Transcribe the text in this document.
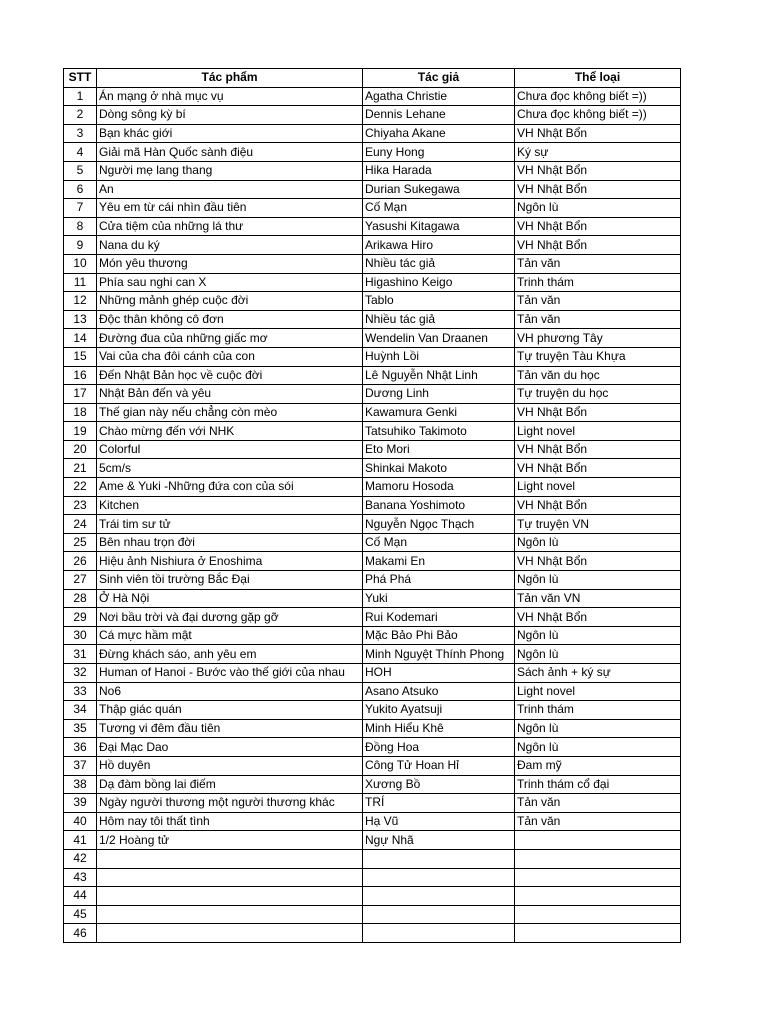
STT	Tác phẩm	Tác giả	Thể loại
1	Án mạng ở nhà mục vụ	Agatha Christie	Chưa đọc không biết =))
2	Dòng sông kỳ bí	Dennis Lehane	Chưa đọc không biết =))
3	Bạn khác giới	Chiyaha Akane	VH Nhật Bổn
4	Giải mã Hàn Quốc sành điệu	Euny Hong	Ký sự
5	Người mẹ lang thang	Hika Harada	VH Nhật Bổn
6	An	Durian Sukegawa	VH Nhật Bổn
7	Yêu em từ cái nhìn đầu tiên	Cố Mạn	Ngôn lù
8	Cửa tiệm của những lá thư	Yasushi Kitagawa	VH Nhật Bổn
9	Nana du ký	Arikawa Hiro	VH Nhật Bổn
10	Món yêu thương	Nhiều tác giả	Tản văn
11	Phía sau nghi can X	Higashino Keigo	Trinh thám
12	Những mảnh ghép cuộc đời	Tablo	Tản văn
13	Độc thân không cô đơn	Nhiều tác giả	Tản văn
14	Đường đua của những giấc mơ	Wendelin Van Draanen	VH phương Tây
15	Vai của cha đôi cánh của con	Huỳnh Lồi	Tự truyện Tàu Khựa
16	Đến Nhật Bản học về cuộc đời	Lê Nguyễn Nhật Linh	Tản văn du học
17	Nhật Bản đến và yêu	Dương Linh	Tự truyện du học
18	Thế gian này nếu chẳng còn mèo	Kawamura Genki	VH Nhật Bổn
19	Chào mừng đến với NHK	Tatsuhiko Takimoto	Light novel
20	Colorful	Eto Mori	VH Nhật Bổn
21	5cm/s	Shinkai Makoto	VH Nhật Bổn
22	Ame & Yuki -Những đứa con của sói	Mamoru Hosoda	Light novel
23	Kitchen	Banana Yoshimoto	VH Nhật Bổn
24	Trái tim sư tử	Nguyễn Ngọc Thạch	Tự truyện VN
25	Bên nhau trọn đời	Cố Mạn	Ngôn lù
26	Hiệu ảnh Nishiura ở Enoshima	Makami En	VH Nhật Bổn
27	Sinh viên tồi trường Bắc Đại	Phá Phá	Ngôn lù
28	Ở Hà Nội	Yuki	Tản văn VN
29	Nơi bầu trời và đại dương gặp gỡ	Rui Kodemari	VH Nhật Bổn
30	Cá mực hầm mật	Mặc Bảo Phi Bảo	Ngôn lù
31	Đừng khách sáo, anh yêu em	Minh Nguyệt Thính Phong	Ngôn lù
32	Human of Hanoi - Bước vào thế giới của nhau	HOH	Sách ảnh + ký sự
33	No6	Asano Atsuko	Light novel
34	Thập giác quán	Yukito Ayatsuji	Trinh thám
35	Tương vi đêm đầu tiên	Minh Hiểu Khê	Ngôn lù
36	Đại Mạc Dao	Đồng Hoa	Ngôn lù
37	Hồ duyên	Công Tử Hoan Hỉ	Đam mỹ
38	Dạ đàm bồng lai điếm	Xương Bồ	Trinh thám cổ đại
39	Ngày người thương một người thương khác	TRÍ	Tản văn
40	Hôm nay tôi thất tình	Hạ Vũ	Tản văn
41	1/2 Hoàng tử	Ngự Nhã	
42			
43			
44			
45			
46			
